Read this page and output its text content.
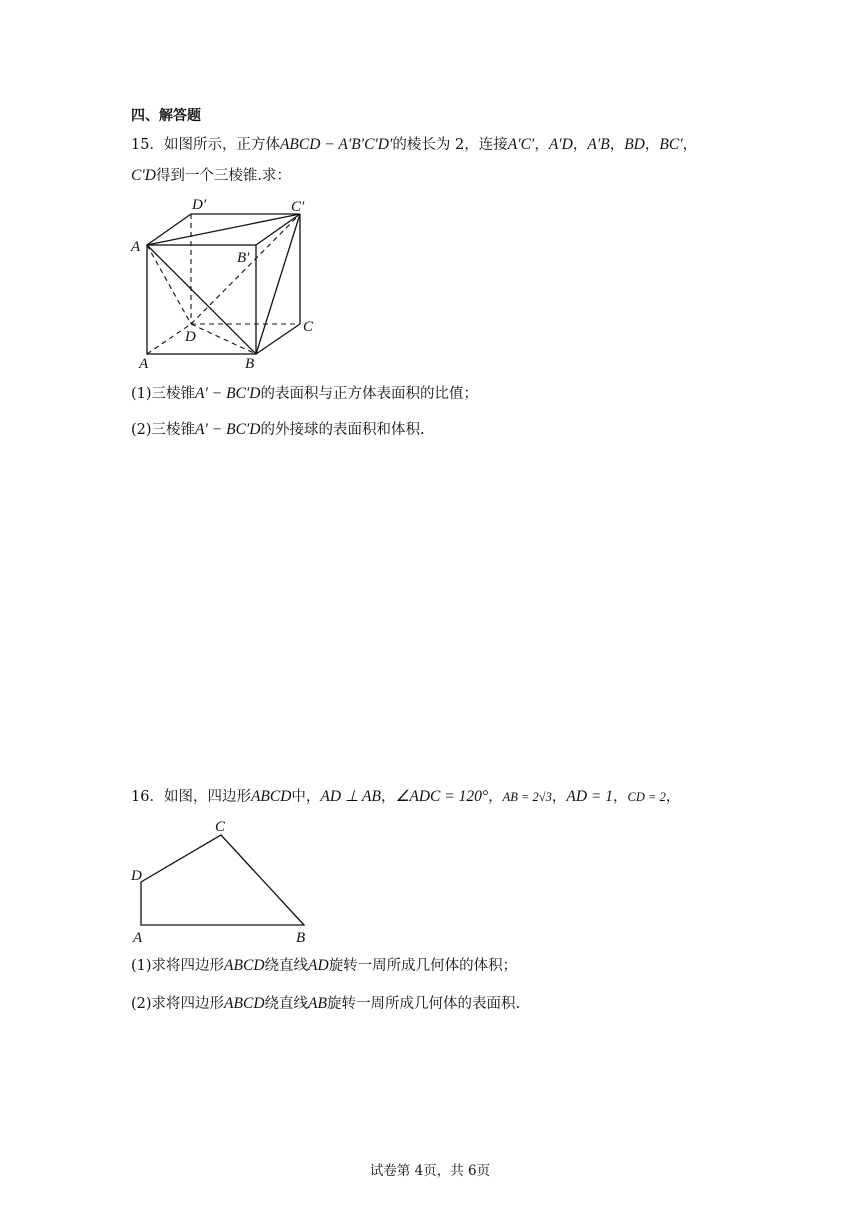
四、解答题
15．如图所示，正方体ABCD − A′B′C′D′的棱长为 2，连接A′C′，A′D，A′B，BD，BC′，
C′D得到一个三棱锥.求：
D′	C′
A
B′
C
D
A	B
(1)三棱锥A′ − BC′D的表面积与正方体表面积的比值；
(2)三棱锥A′ − BC′D的外接球的表面积和体积.
16．如图，四边形ABCD中，AD ⊥ AB，∠ADC = 120°，AB = 2√3，AD = 1，CD = 2，
C
D
A	B
(1)求将四边形ABCD绕直线AD旋转一周所成几何体的体积；
(2)求将四边形ABCD绕直线AB旋转一周所成几何体的表面积.
试卷第 4页，共 6页
